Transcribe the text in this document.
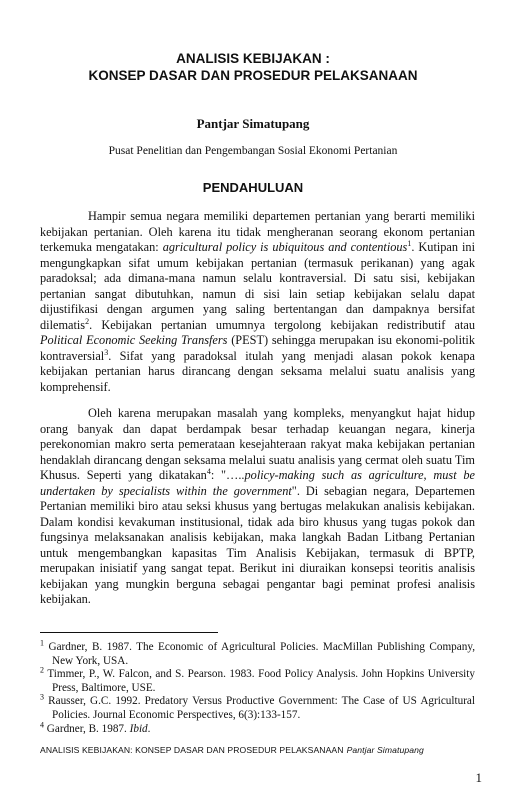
ANALISIS KEBIJAKAN :
KONSEP DASAR DAN PROSEDUR PELAKSANAAN
Pantjar Simatupang
Pusat Penelitian dan Pengembangan Sosial Ekonomi Pertanian
PENDAHULUAN

Hampir semua negara memiliki departemen pertanian yang berarti memiliki kebijakan pertanian. Oleh karena itu tidak mengheranan seorang ekonom pertanian terkemuka mengatakan: agricultural policy is ubiquitous and contentious$^1$. Kutipan ini mengungkapkan sifat umum kebijakan pertanian (termasuk perikanan) yang agak paradoksal; ada dimana-mana namun selalu kontraversial. Di satu sisi, kebijakan pertanian sangat dibutuhkan, namun di sisi lain setiap kebijakan selalu dapat dijustifikasi dengan argumen yang saling bertentangan dan dampaknya bersifat dilematis$^2$. Kebijakan pertanian umumnya tergolong kebijakan redistributif atau Political Economic Seeking Transfers (PEST) sehingga merupakan isu ekonomi-politik kontraversial$^3$. Sifat yang paradoksal itulah yang menjadi alasan pokok kenapa kebijakan pertanian harus dirancang dengan seksama melalui suatu analisis yang komprehensif.

Oleh karena merupakan masalah yang kompleks, menyangkut hajat hidup orang banyak dan dapat berdampak besar terhadap keuangan negara, kinerja perekonomian makro serta pemerataan kesejahteraan rakyat maka kebijakan pertanian hendaklah dirancang dengan seksama melalui suatu analisis yang cermat oleh suatu Tim Khusus. Seperti yang dikatakan$^4$: "…..policy-making such as agriculture, must be undertaken by specialists within the government". Di sebagian negara, Departemen Pertanian memiliki biro atau seksi khusus yang bertugas melakukan analisis kebijakan. Dalam kondisi kevakuman institusional, tidak ada biro khusus yang tugas pokok dan fungsinya melaksanakan analisis kebijakan, maka langkah Badan Litbang Pertanian untuk mengembangkan kapasitas Tim Analisis Kebijakan, termasuk di BPTP, merupakan inisiatif yang sangat tepat. Berikut ini diuraikan konsepsi teoritis analisis kebijakan yang mungkin berguna sebagai pengantar bagi peminat profesi analisis kebijakan.

$^1$ Gardner, B. 1987. The Economic of Agricultural Policies. MacMillan Publishing Company, New York, USA.

$^2$ Timmer, P., W. Falcon, and S. Pearson. 1983. Food Policy Analysis. John Hopkins University Press, Baltimore, USE.

$^3$ Rausser, G.C. 1992. Predatory Versus Productive Government: The Case of US Agricultural Policies. Journal Economic Perspectives, 6(3):133-157.

$^4$ Gardner, B. 1987. Ibid.

ANALISIS KEBIJAKAN: KONSEP DASAR DAN PROSEDUR PELAKSANAAN Pantjar Simatupang
1
